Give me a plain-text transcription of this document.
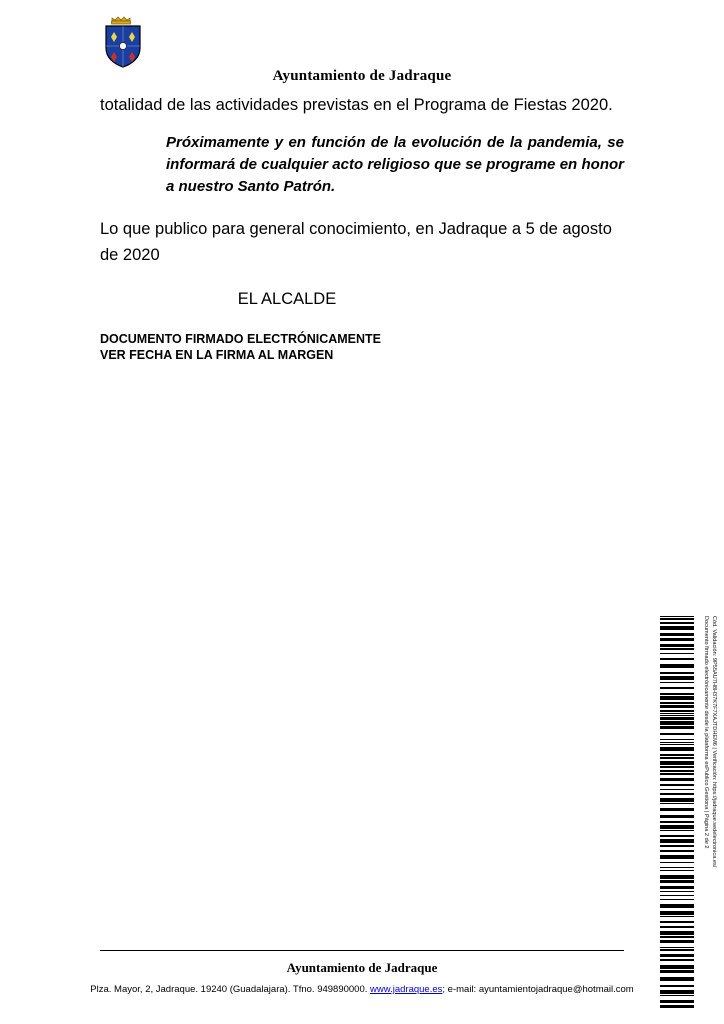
Ayuntamiento de Jadraque

totalidad de las actividades previstas en el Programa de Fiestas 2020.

Próximamente y en función de la evolución de la pandemia, se informará de cualquier acto religioso que se programe en honor a nuestro Santo Patrón.

Lo que publico para general conocimiento, en Jadraque a 5 de agosto de 2020

EL ALCALDE

DOCUMENTO FIRMADO ELECTRÓNICAMENTE
VER FECHA EN LA FIRMA AL MARGEN
Cód. Validación: 9P55AU7H8H37K7F7XAJTDHEM6 | Verificación: https://jadraque.sedelectronica.es/
Documento firmado electrónicamente desde la plataforma esPublico Gestiona | Página 2 de 2
Ayuntamiento de Jadraque
Plza. Mayor, 2, Jadraque. 19240 (Guadalajara). Tfno. 949890000. www.jadraque.es; e-mail: ayuntamientojadraque@hotmail.com
